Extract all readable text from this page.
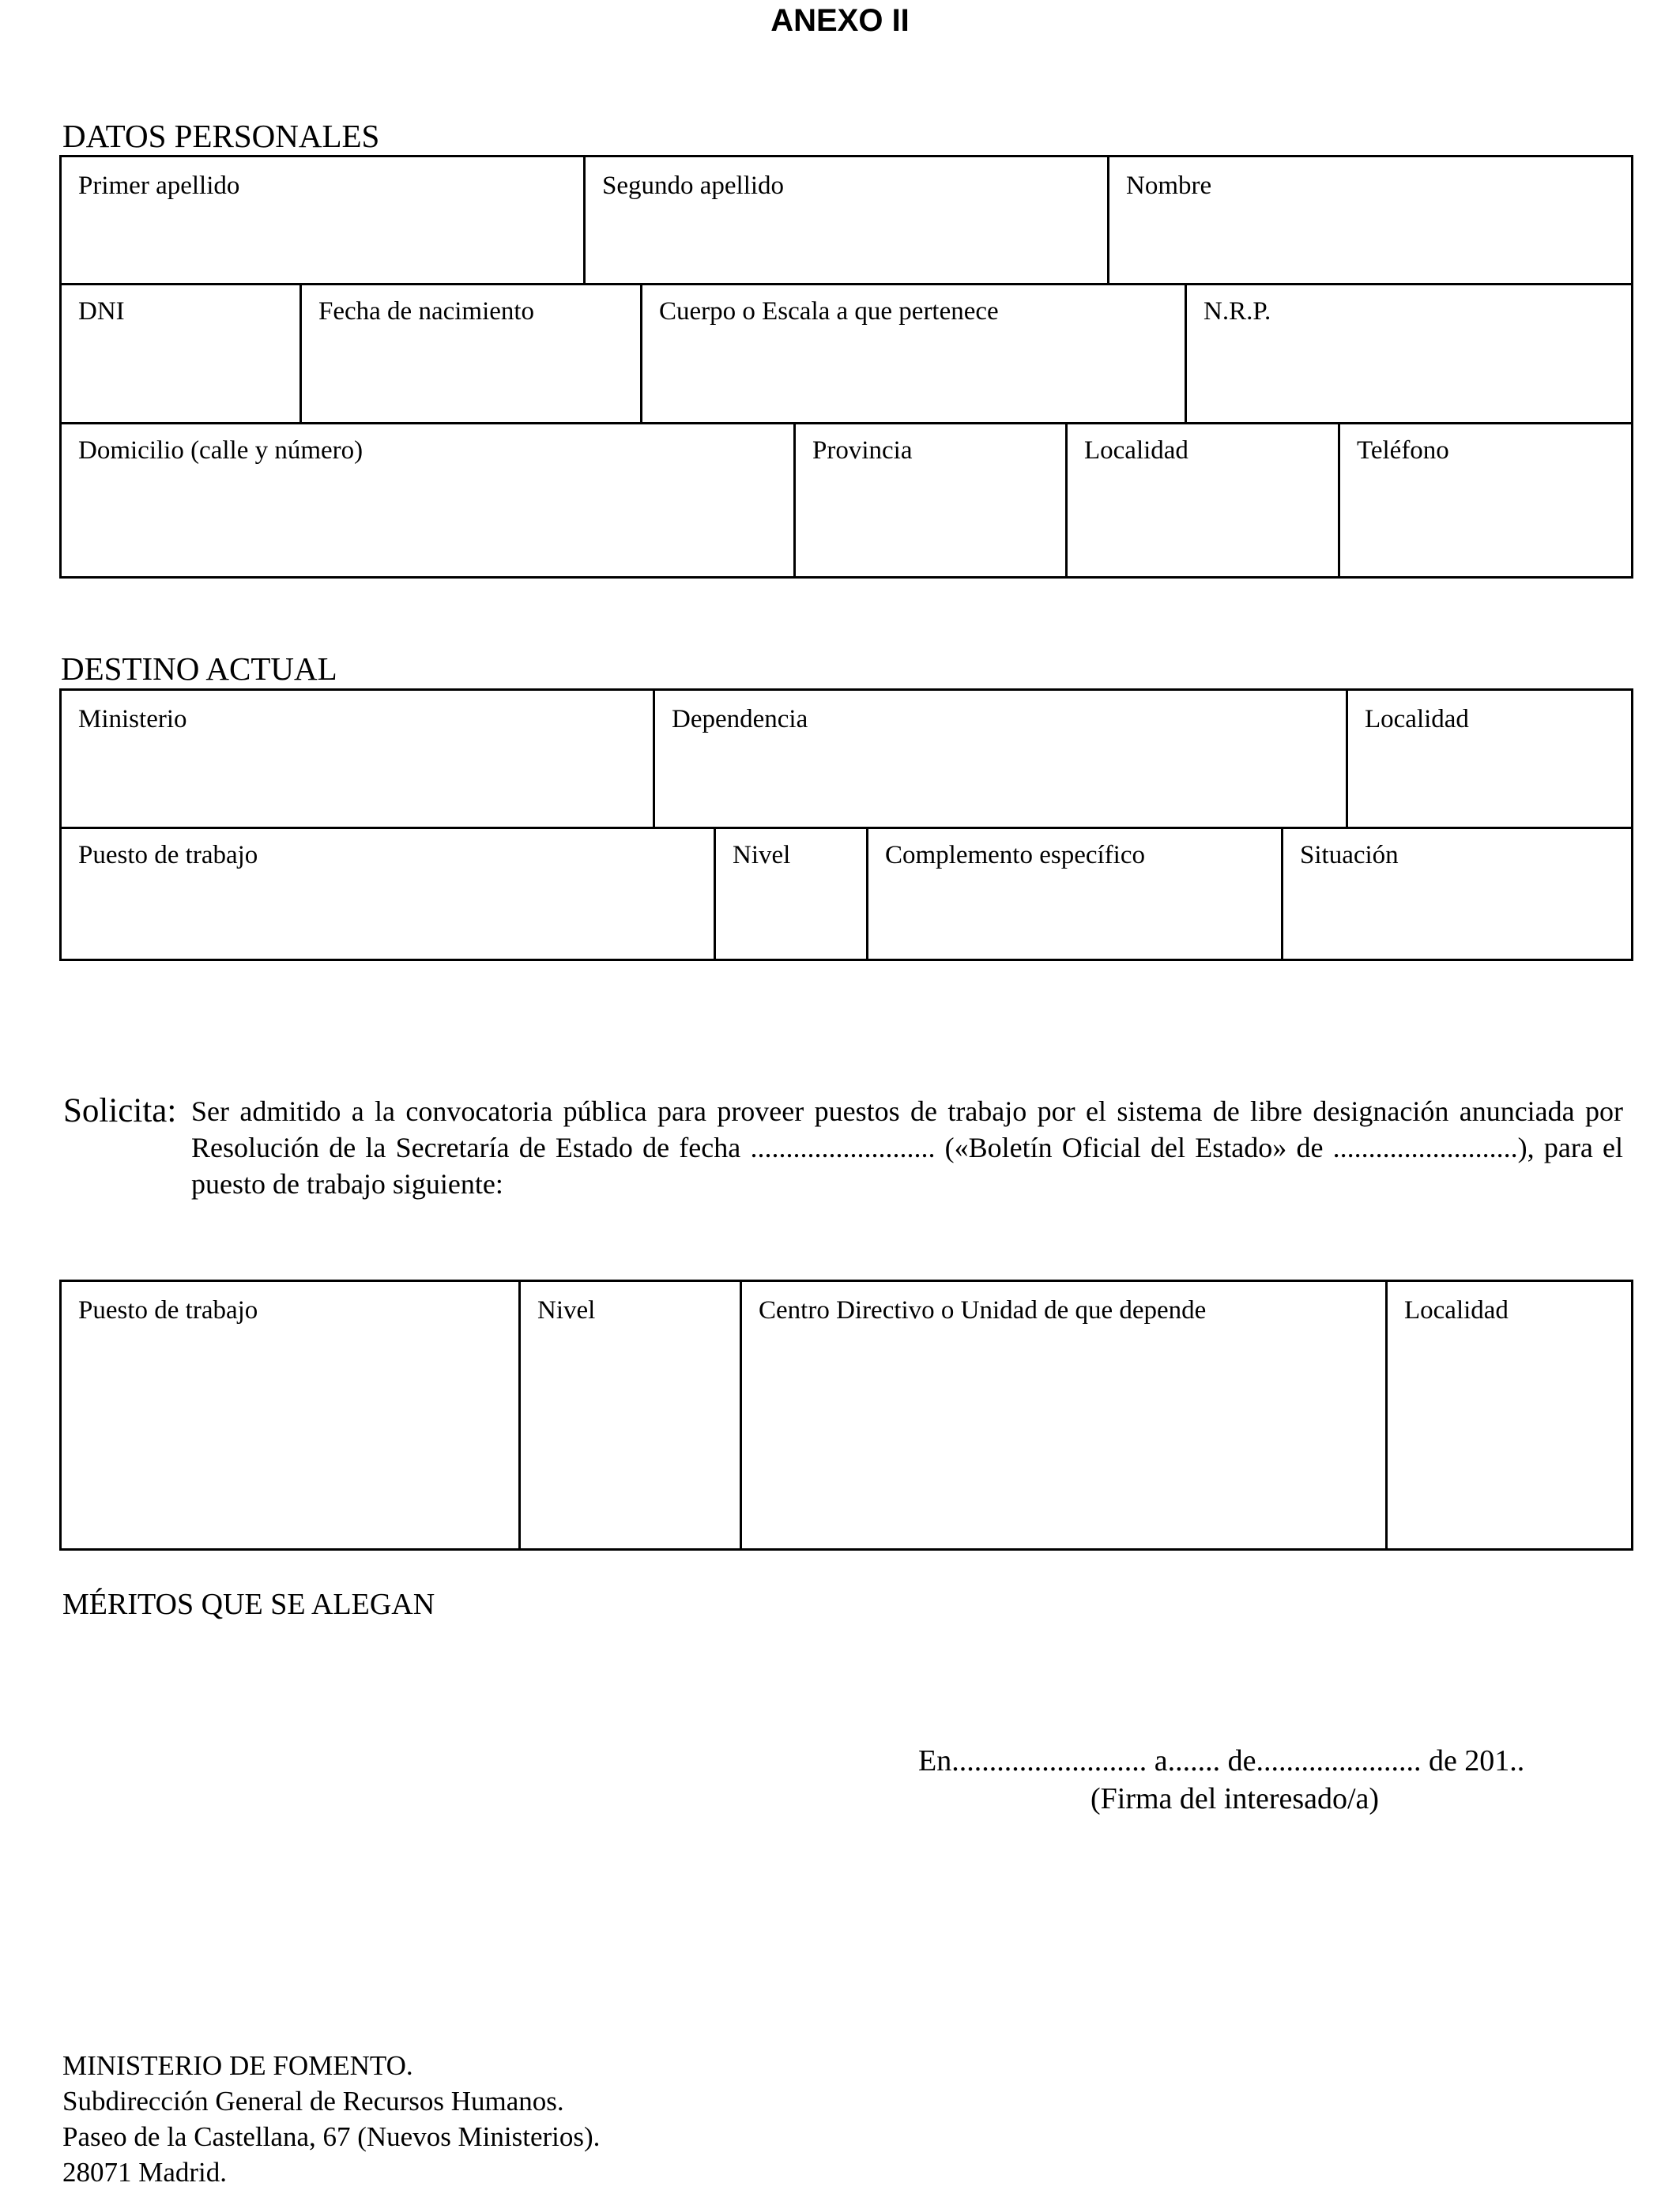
ANEXO II
DATOS PERSONALES
Primer apellido	Segundo apellido	Nombre
DNI	Fecha de nacimiento	Cuerpo o Escala a que pertenece	N.R.P.
Domicilio (calle y número)	Provincia	Localidad	Teléfono
DESTINO ACTUAL
Ministerio	Dependencia	Localidad
Puesto de trabajo	Nivel	Complemento específico	Situación
Solicita: Ser admitido a la convocatoria pública para proveer puestos de trabajo por el sistema de libre designación anunciada por Resolución de la Secretaría de Estado de fecha .......................... («Boletín Oficial del Estado» de ..........................), para el puesto de trabajo siguiente:
Puesto de trabajo	Nivel	Centro Directivo o Unidad de que depende	Localidad
MÉRITOS QUE SE ALEGAN
En.......................... a....... de...................... de 201..
(Firma del interesado/a)
MINISTERIO DE FOMENTO.
Subdirección General de Recursos Humanos.
Paseo de la Castellana, 67 (Nuevos Ministerios).
28071 Madrid.
